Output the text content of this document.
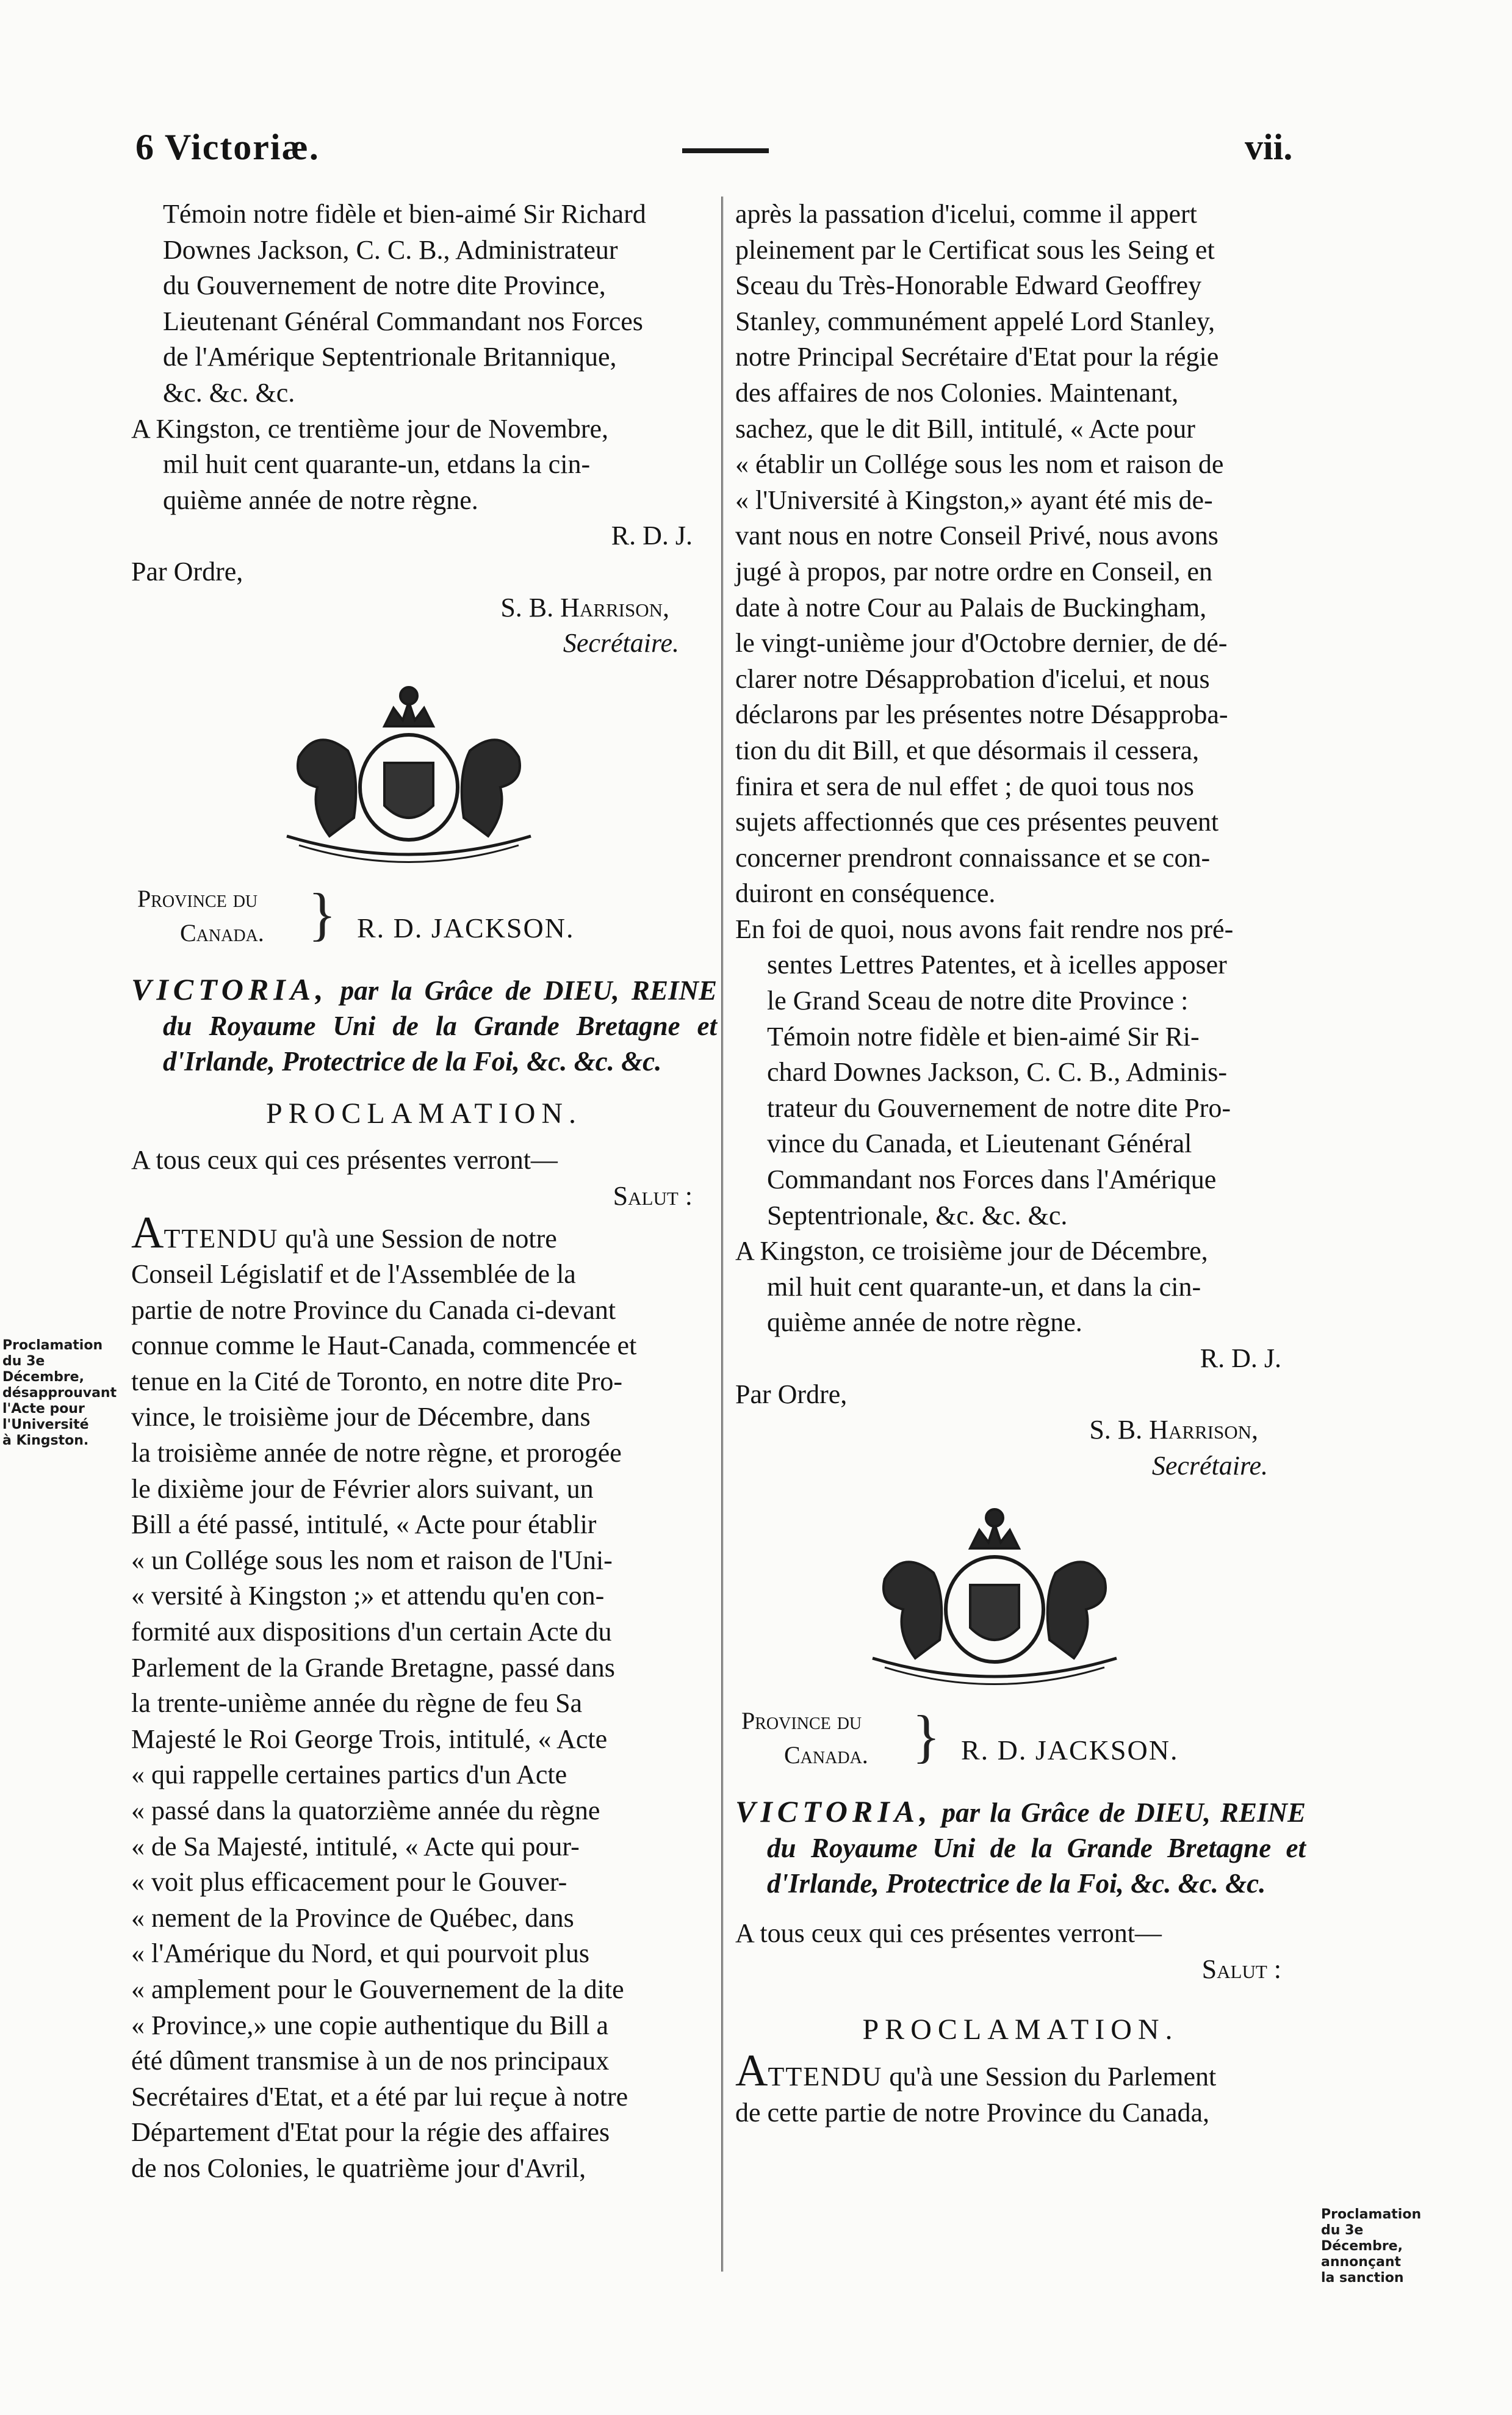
6 Victoriæ.	vii.
Témoin notre fidèle et bien-aimé Sir Richard
Downes Jackson, C. C. B., Administrateur
du Gouvernement de notre dite Province,
Lieutenant Général Commandant nos Forces
de l'Amérique Septentrionale Britannique,
&c. &c. &c.
A Kingston, ce trentième jour de Novembre,
mil huit cent quarante-un, etdans la cin-
quième année de notre règne.
R. D. J.
Par Ordre,
S. B. Harrison,
Secrétaire.
Province du
Canada. } R. D. JACKSON.

VICTORIA, par la Grâce de DIEU, REINE du Royaume Uni de la Grande Bretagne et d'Irlande, Protectrice de la Foi, &c. &c. &c.

PROCLAMATION.
A tous ceux qui ces présentes verront—
Salut :
ATTENDU qu'à une Session de notre
Conseil Législatif et de l'Assemblée de la
partie de notre Province du Canada ci-devant
connue comme le Haut-Canada, commencée et
tenue en la Cité de Toronto, en notre dite Pro-
vince, le troisième jour de Décembre, dans
la troisième année de notre règne, et prorogée
le dixième jour de Février alors suivant, un
Bill a été passé, intitulé, « Acte pour établir
« un Collége sous les nom et raison de l'Uni-
« versité à Kingston ;» et attendu qu'en con-
formité aux dispositions d'un certain Acte du
Parlement de la Grande Bretagne, passé dans
la trente-unième année du règne de feu Sa
Majesté le Roi George Trois, intitulé, « Acte
« qui rappelle certaines partics d'un Acte
« passé dans la quatorzième année du règne
« de Sa Majesté, intitulé, « Acte qui pour-
« voit plus efficacement pour le Gouver-
« nement de la Province de Québec, dans
« l'Amérique du Nord, et qui pourvoit plus
« amplement pour le Gouvernement de la dite
« Province,» une copie authentique du Bill a
été dûment transmise à un de nos principaux
Secrétaires d'Etat, et a été par lui reçue à notre
Département d'Etat pour la régie des affaires
de nos Colonies, le quatrième jour d'Avril,
Proclamation du 3e Décembre, désapprouvant l'Acte pour l'Université à Kingston.
après la passation d'icelui, comme il appert
pleinement par le Certificat sous les Seing et
Sceau du Très-Honorable Edward Geoffrey
Stanley, communément appelé Lord Stanley,
notre Principal Secrétaire d'Etat pour la régie
des affaires de nos Colonies. Maintenant,
sachez, que le dit Bill, intitulé, « Acte pour
« établir un Collége sous les nom et raison de
« l'Université à Kingston,» ayant été mis de-
vant nous en notre Conseil Privé, nous avons
jugé à propos, par notre ordre en Conseil, en
date à notre Cour au Palais de Buckingham,
le vingt-unième jour d'Octobre dernier, de dé-
clarer notre Désapprobation d'icelui, et nous
déclarons par les présentes notre Désapproba-
tion du dit Bill, et que désormais il cessera,
finira et sera de nul effet ; de quoi tous nos
sujets affectionnés que ces présentes peuvent
concerner prendront connaissance et se con-
duiront en conséquence.
En foi de quoi, nous avons fait rendre nos pré-
sentes Lettres Patentes, et à icelles apposer
le Grand Sceau de notre dite Province :
Témoin notre fidèle et bien-aimé Sir Ri-
chard Downes Jackson, C. C. B., Adminis-
trateur du Gouvernement de notre dite Pro-
vince du Canada, et Lieutenant Général
Commandant nos Forces dans l'Amérique
Septentrionale, &c. &c. &c.
A Kingston, ce troisième jour de Décembre,
mil huit cent quarante-un, et dans la cin-
quième année de notre règne.
R. D. J.
Par Ordre,
S. B. Harrison,
Secrétaire.
Province du
Canada. } R. D. JACKSON.

VICTORIA, par la Grâce de DIEU, REINE du Royaume Uni de la Grande Bretagne et d'Irlande, Protectrice de la Foi, &c. &c. &c.

A tous ceux qui ces présentes verront—
Salut :
PROCLAMATION.
ATTENDU qu'à une Session du Parlement
de cette partie de notre Province du Canada,
Proclamation du 3e Décembre, annonçant la sanction
